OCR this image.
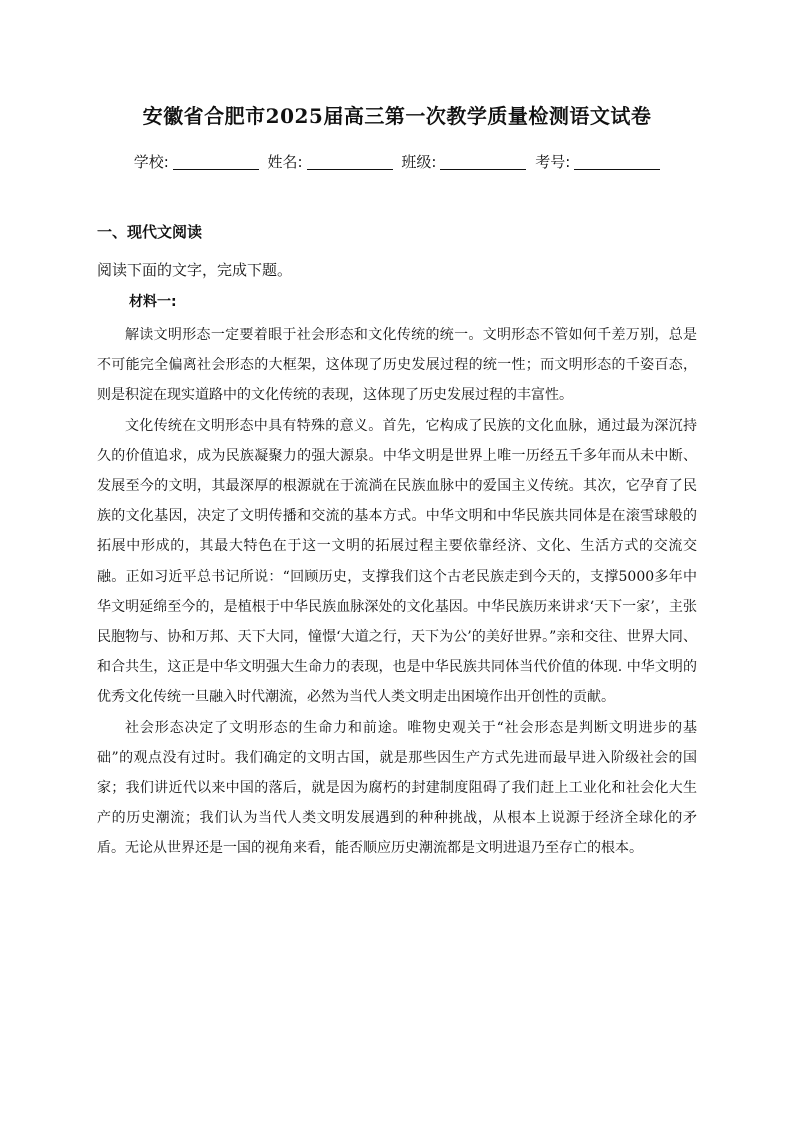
安徽省合肥市2025届高三第一次教学质量检测语文试卷
学校:	姓名:	班级:	考号:
一、现代文阅读
阅读下面的文字，完成下题。
材料一:

解读文明形态一定要着眼于社会形态和文化传统的统一。文明形态不管如何千差万别，总是不可能完全偏离社会形态的大框架，这体现了历史发展过程的统一性；而文明形态的千姿百态，则是积淀在现实道路中的文化传统的表现，这体现了历史发展过程的丰富性。

文化传统在文明形态中具有特殊的意义。首先，它构成了民族的文化血脉，通过最为深沉持久的价值追求，成为民族凝聚力的强大源泉。中华文明是世界上唯一历经五千多年而从未中断、发展至今的文明，其最深厚的根源就在于流淌在民族血脉中的爱国主义传统。其次，它孕育了民族的文化基因，决定了文明传播和交流的基本方式。中华文明和中华民族共同体是在滚雪球般的拓展中形成的，其最大特色在于这一文明的拓展过程主要依靠经济、文化、生活方式的交流交融。正如习近平总书记所说：“回顾历史，支撑我们这个古老民族走到今天的，支撑5000多年中华文明延绵至今的，是植根于中华民族血脉深处的文化基因。中华民族历来讲求‘天下一家’，主张民胞物与、协和万邦、天下大同，憧憬‘大道之行，天下为公’的美好世界。”亲和交往、世界大同、和合共生，这正是中华文明强大生命力的表现，也是中华民族共同体当代价值的体现. 中华文明的优秀文化传统一旦融入时代潮流，必然为当代人类文明走出困境作出开创性的贡献。

社会形态决定了文明形态的生命力和前途。唯物史观关于“社会形态是判断文明进步的基础”的观点没有过时。我们确定的文明古国，就是那些因生产方式先进而最早进入阶级社会的国家；我们讲近代以来中国的落后，就是因为腐朽的封建制度阻碍了我们赶上工业化和社会化大生产的历史潮流；我们认为当代人类文明发展遇到的种种挑战，从根本上说源于经济全球化的矛盾。无论从世界还是一国的视角来看，能否顺应历史潮流都是文明进退乃至存亡的根本。
